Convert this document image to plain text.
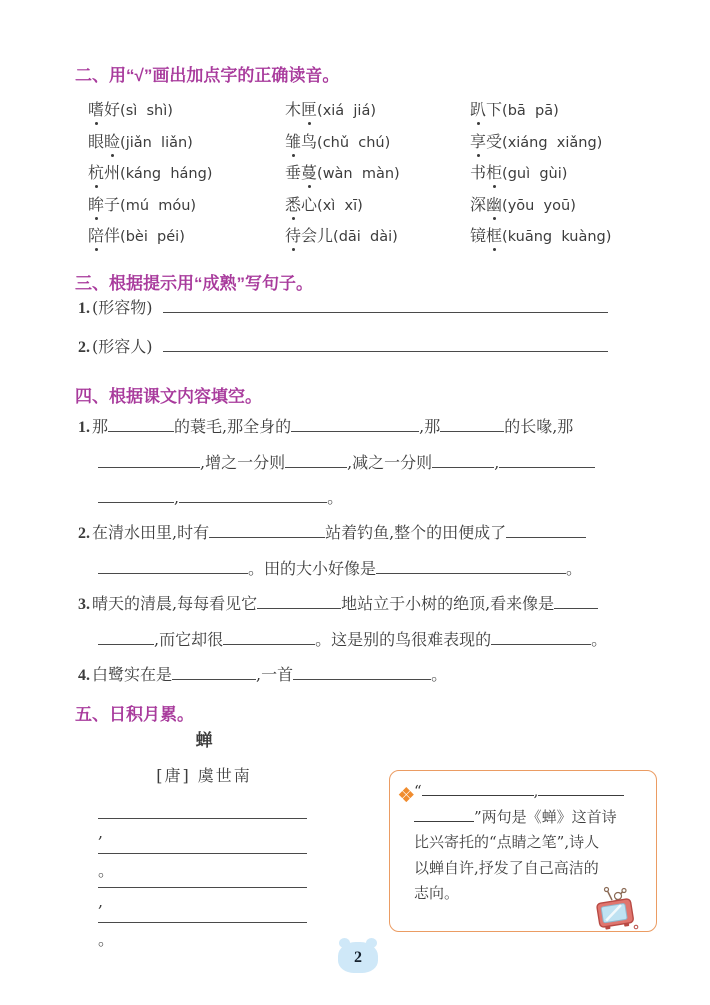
二、用“√”画出加点字的正确读音。
嗜好(sì  shì)	木匣(xiá  jiá)	趴下(bā  pā)
眼睑(jiǎn  liǎn)	雏鸟(chǔ  chú)	享受(xiáng  xiǎng)
杭州(káng  háng)	垂蔓(wàn  màn)	书柜(guì  gùi)
眸子(mú  móu)	悉心(xì  xī)	深幽(yōu  yoū)
陪伴(bèi  péi)	待会儿(dāi  dài)	镜框(kuāng  kuàng)
三、根据提示用“成熟”写句子。
1. (形容物)
2. (形容人)
四、根据课文内容填空。
1. 那	的蓑毛,那全身的	,那	的长喙,那
,增之一分则	,减之一分则	,
,	。
2. 在清水田里,时有	站着钓鱼,整个的田便成了
。田的大小好像是	。
3. 晴天的清晨,每每看见它	地站立于小树的绝顶,看来像是
,而它却很	。这是别的鸟很难表现的	。
4. 白鹭实在是	,一首	。
五、日积月累。
蝉
[唐] 虞世南
,
。
,
。
“	,
”两句是《蝉》这首诗
比兴寄托的“点睛之笔”,诗人
以蝉自许,抒发了自己高洁的
志向。
2
